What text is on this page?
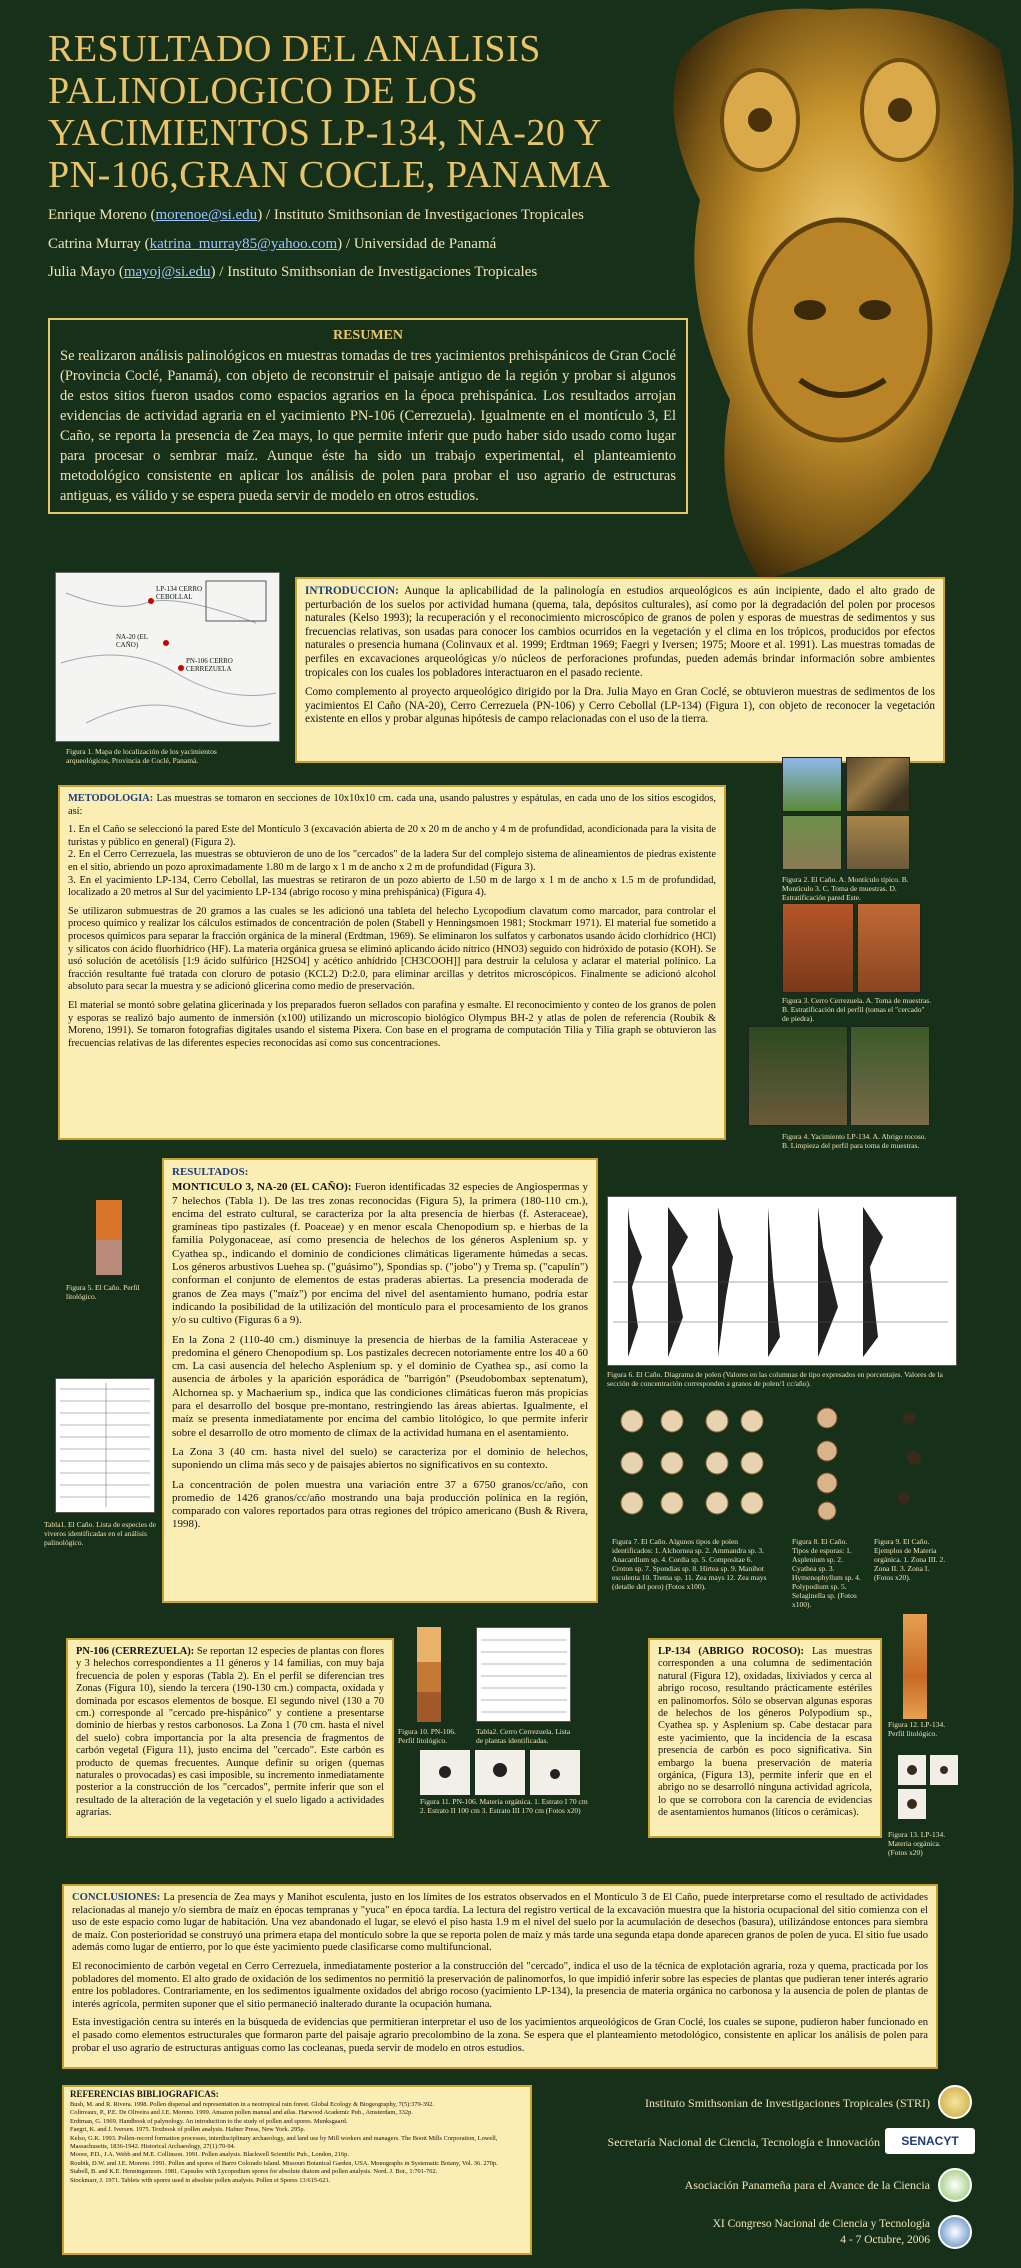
RESULTADO DEL ANALISIS PALINOLOGICO DE LOS YACIMIENTOS LP-134, NA-20 Y PN-106,GRAN COCLE, PANAMA
Enrique Moreno (morenoe@si.edu) / Instituto Smithsonian de Investigaciones Tropicales
Catrina Murray (katrina_murray85@yahoo.com) / Universidad de Panamá
Julia Mayo (mayoj@si.edu) / Instituto Smithsonian de Investigaciones Tropicales
RESUMEN
Se realizaron análisis palinológicos en muestras tomadas de tres yacimientos prehispánicos de Gran Coclé (Provincia Coclé, Panamá), con objeto de reconstruir el paisaje antiguo de la región y probar si algunos de estos sitios fueron usados como espacios agrarios en la época prehispánica. Los resultados arrojan evidencias de actividad agraria en el yacimiento PN-106 (Cerrezuela). Igualmente en el montículo 3, El Caño, se reporta la presencia de Zea mays, lo que permite inferir que pudo haber sido usado como lugar para procesar o sembrar maíz. Aunque éste ha sido un trabajo experimental, el planteamiento metodológico consistente en aplicar los análisis de polen para probar el uso agrario de estructuras antiguas, es válido y se espera pueda servir de modelo en otros estudios.
LP-134 CERRO CEBOLLAL
NA-20 (EL CAÑO)
PN-106 CERRO CERREZUELA
Figura 1. Mapa de localización de los yacimientos arqueológicos, Provincia de Coclé, Panamá.

INTRODUCCION: Aunque la aplicabilidad de la palinología en estudios arqueológicos es aún incipiente, dado el alto grado de perturbación de los suelos por actividad humana (quema, tala, depósitos culturales), así como por la degradación del polen por procesos naturales (Kelso 1993); la recuperación y el reconocimiento microscópico de granos de polen y esporas de muestras de sedimentos y sus frecuencias relativas, son usadas para conocer los cambios ocurridos en la vegetación y el clima en los trópicos, producidos por efectos naturales o presencia humana (Colinvaux et al. 1999; Erdtman 1969; Faegri y Iversen; 1975; Moore et al. 1991). Las muestras tomadas de perfiles en excavaciones arqueológicas y/o núcleos de perforaciones profundas, pueden además brindar información sobre ambientes tropicales con los cuales los pobladores interactuaron en el pasado reciente.

Como complemento al proyecto arqueológico dirigido por la Dra. Julia Mayo en Gran Coclé, se obtuvieron muestras de sedimentos de los yacimientos El Caño (NA-20), Cerro Cerrezuela (PN-106) y Cerro Cebollal (LP-134) (Figura 1), con objeto de reconocer la vegetación existente en ellos y probar algunas hipótesis de campo relacionadas con el uso de la tierra.

METODOLOGIA: Las muestras se tomaron en secciones de 10x10x10 cm. cada una, usando palustres y espátulas, en cada uno de los sitios escogidos, así:

1. En el Caño se seleccionó la pared Este del Montículo 3 (excavación abierta de 20 x 20 m de ancho y 4 m de profundidad, acondicionada para la visita de turistas y público en general) (Figura 2).

2. En el Cerro Cerrezuela, las muestras se obtuvieron de uno de los "cercados" de la ladera Sur del complejo sistema de alineamientos de piedras existente en el sitio, abriendo un pozo aproximadamente 1.80 m de largo x 1 m de ancho x 2 m de profundidad (Figura 3).

3. En el yacimiento LP-134, Cerro Cebollal, las muestras se retiraron de un pozo abierto de 1.50 m de largo x 1 m de ancho x 1.5 m de profundidad, localizado a 20 metros al Sur del yacimiento LP-134 (abrigo rocoso y mina prehispánica) (Figura 4).

Se utilizaron submuestras de 20 gramos a las cuales se les adicionó una tableta del helecho Lycopodium clavatum como marcador, para controlar el proceso químico y realizar los cálculos estimados de concentración de polen (Stabell y Henningsmoen 1981; Stockmarr 1971). El material fue sometido a procesos químicos para separar la fracción orgánica de la mineral (Erdtman, 1969). Se eliminaron los sulfatos y carbonatos usando ácido clorhídrico (HCl) y silicatos con ácido fluorhídrico (HF). La materia orgánica gruesa se eliminó aplicando ácido nítrico (HNO3) seguido con hidróxido de potasio (KOH). Se usó solución de acetólisis [1:9 ácido sulfúrico [H2SO4] y acético anhídrido [CH3COOH]] para destruir la celulosa y aclarar el material polínico. La fracción resultante fué tratada con cloruro de potasio (KCL2) D:2.0, para eliminar arcillas y detritos microscópicos. Finalmente se adicionó alcohol absoluto para secar la muestra y se adicionó glicerina como medio de preservación.

El material se montó sobre gelatina glicerinada y los preparados fueron sellados con parafina y esmalte. El reconocimiento y conteo de los granos de polen y esporas se realizó bajo aumento de inmersión (x100) utilizando un microscopio biológico Olympus BH-2 y atlas de polen de referencia (Roubik & Moreno, 1991). Se tomaron fotografías digitales usando el sistema Pixera. Con base en el programa de computación Tilia y Tilia graph se obtuvieron las frecuencias relativas de las diferentes especies reconocidas así como sus concentraciones.

Figura 2. El Caño. A. Montículo típico. B. Montículo 3. C. Toma de muestras. D. Estratificación pared Este.
Figura 3. Cerro Cerrezuela. A. Toma de muestras. B. Estratificación del perfil (tomas el "cercado" de piedra).
Figura 4. Yacimiento LP-134. A. Abrigo rocoso. B. Limpieza del perfil para toma de muestras.

RESULTADOS:

MONTICULO 3, NA-20 (EL CAÑO): Fueron identificadas 32 especies de Angiospermas y 7 helechos (Tabla 1). De las tres zonas reconocidas (Figura 5), la primera (180-110 cm.), encima del estrato cultural, se caracteriza por la alta presencia de hierbas (f. Asteraceae), gramíneas tipo pastizales (f. Poaceae) y en menor escala Chenopodium sp. e hierbas de la familia Polygonaceae, así como presencia de helechos de los géneros Asplenium sp. y Cyathea sp., indicando el dominio de condiciones climáticas ligeramente húmedas a secas. Los géneros arbustivos Luehea sp. ("guásimo"), Spondias sp. ("jobo") y Trema sp. ("capulín") conforman el conjunto de elementos de estas praderas abiertas. La presencia moderada de granos de Zea mays ("maíz") por encima del nivel del asentamiento humano, podría estar indicando la posibilidad de la utilización del montículo para el procesamiento de los granos y/o su cultivo (Figuras 6 a 9).

En la Zona 2 (110-40 cm.) disminuye la presencia de hierbas de la familia Asteraceae y predomina el género Chenopodium sp. Los pastizales decrecen notoriamente entre los 40 a 60 cm. La casi ausencia del helecho Asplenium sp. y el dominio de Cyathea sp., así como la ausencia de árboles y la aparición esporádica de "barrigón" (Pseudobombax septenatum), Alchornea sp. y Machaerium sp., indica que las condiciones climáticas fueron más propicias para el desarrollo del bosque pre-montano, restringiendo las áreas abiertas. Igualmente, el maíz se presenta inmediatamente por encima del cambio litológico, lo que permite inferir sobre el desarrollo de otro momento de clímax de la actividad humana en el asentamiento.

La Zona 3 (40 cm. hasta nivel del suelo) se caracteriza por el dominio de helechos, suponiendo un clima más seco y de paisajes abiertos no significativos en su contexto.

La concentración de polen muestra una variación entre 37 a 6750 granos/cc/año, con promedio de 1426 granos/cc/año mostrando una baja producción polínica en la región, comparado con valores reportados para otras regiones del trópico americano (Bush & Rivera, 1998).

Figura 5. El Caño. Perfil litológico.
Tabla1. El Caño. Lista de especies de viveros identificadas en el análisis palinológico.
Figura 6. El Caño. Diagrama de polen (Valores en las columnas de tipo expresados en porcentajes. Valores de la sección de concentración corresponden a granos de polen/1 cc/año).
Figura 7. El Caño. Algunos tipos de polen identificados: 1. Alchornea sp. 2. Ammandra sp. 3. Anacardium sp. 4. Cordia sp. 5. Compositae 6. Croton sp. 7. Spondias sp. 8. Hirtea sp. 9. Manihot esculenta 10. Trema sp. 11. Zea mays 12. Zea mays (detalle del poro) (Fotos x100).
Figura 8. El Caño. Tipos de esporas: 1. Asplenium sp. 2. Cyathea sp. 3. Hymenophyllum sp. 4. Polypodium sp. 5. Selaginella sp. (Fotos x100).
Figura 9. El Caño. Ejemplos de Materia orgánica. 1. Zona III. 2. Zona II. 3. Zona I. (Fotos x20).
PN-106 (CERREZUELA): Se reportan 12 especies de plantas con flores y 3 helechos correspondientes a 11 géneros y 14 familias, con muy baja frecuencia de polen y esporas (Tabla 2). En el perfil se diferencian tres Zonas (Figura 10), siendo la tercera (190-130 cm.) compacta, oxidada y dominada por escasos elementos de bosque. El segundo nivel (130 a 70 cm.) corresponde al "cercado pre-hispánico" y contiene a presentarse dominio de hierbas y restos carbonosos. La Zona 1 (70 cm. hasta el nivel del suelo) cobra importancia por la alta presencia de fragmentos de carbón vegetal (Figura 11), justo encima del "cercado". Este carbón es producto de quemas frecuentes. Aunque definir su origen (quemas naturales o provocadas) es casi imposible, su incremento inmediatamente posterior a la construcción de los "cercados", permite inferir que son el resultado de la alteración de la vegetación y el suelo ligado a actividades agrarias.
Figura 10. PN-106. Perfil litológico.
Tabla2. Cerro Cerrezuela. Lista de plantas identificadas.
Figura 11. PN-106. Materia orgánica. 1. Estrato I 70 cm 2. Estrato II 100 cm 3. Estrato III 170 cm (Fotos x20)
LP-134 (ABRIGO ROCOSO): Las muestras corresponden a una columna de sedimentación natural (Figura 12), oxidadas, lixiviados y cerca al abrigo rocoso, resultando prácticamente estériles en palinomorfos. Sólo se observan algunas esporas de helechos de los géneros Polypodium sp., Cyathea sp. y Asplenium sp. Cabe destacar para este yacimiento, que la incidencia de la escasa presencia de carbón es poco significativa. Sin embargo la buena preservación de materia orgánica, (Figura 13), permite inferir que en el abrigo no se desarrolló ninguna actividad agrícola, lo que se corrobora con la carencia de evidencias de asentamientos humanos (líticos o cerámicas).
Figura 12. LP-134. Perfil litológico.
Figura 13. LP-134. Materia orgánica. (Fotos x20)

CONCLUSIONES: La presencia de Zea mays y Manihot esculenta, justo en los límites de los estratos observados en el Montículo 3 de El Caño, puede interpretarse como el resultado de actividades relacionadas al manejo y/o siembra de maíz en épocas tempranas y "yuca" en época tardía. La lectura del registro vertical de la excavación muestra que la historia ocupacional del sitio comienza con el uso de este espacio como lugar de habitación. Una vez abandonado el lugar, se elevó el piso hasta 1.9 m el nivel del suelo por la acumulación de desechos (basura), utilizándose entonces para siembra de maíz. Con posterioridad se construyó una primera etapa del montículo sobre la que se reporta polen de maíz y más tarde una segunda etapa donde aparecen granos de polen de yuca. El sitio fue usado además como lugar de entierro, por lo que éste yacimiento puede clasificarse como multifuncional.

El reconocimiento de carbón vegetal en Cerro Cerrezuela, inmediatamente posterior a la construcción del "cercado", indica el uso de la técnica de explotación agraria, roza y quema, practicada por los pobladores del momento. El alto grado de oxidación de los sedimentos no permitió la preservación de palinomorfos, lo que impidió inferir sobre las especies de plantas que pudieran tener interés agrario entre los pobladores. Contrariamente, en los sedimentos igualmente oxidados del abrigo rocoso (yacimiento LP-134), la presencia de materia orgánica no carbonosa y la ausencia de polen de plantas de interés agrícola, permiten suponer que el sitio permaneció inalterado durante la ocupación humana.

Esta investigación centra su interés en la búsqueda de evidencias que permitieran interpretar el uso de los yacimientos arqueológicos de Gran Coclé, los cuales se supone, pudieron haber funcionado en el pasado como elementos estructurales que formaron parte del paisaje agrario precolombino de la zona. Se espera que el planteamiento metodológico, consistente en aplicar los análisis de polen para probar el uso agrario de estructuras antiguas como las cocleanas, pueda servir de modelo en otros estudios.

REFERENCIAS BIBLIOGRAFICAS:

Bush, M. and R. Rivera. 1998. Pollen dispersal and representation in a neotropical rain forest. Global Ecology & Biogeography, 7(5):379-392.

Colinvaux, P., P.E. De Oliveira and J.E. Moreno. 1999. Amazon pollen manual and atlas. Harwood Academic Pub., Amsterdam, 332p.

Erdtman, G. 1969. Handbook of palynology. An introduction to the study of pollen and spores. Munksgaard.

Faegri, K. and J. Iversen. 1975. Textbook of pollen analysis. Hafner Press, New York. 295p.

Kelso, G.K. 1993. Pollen-record formation processes, interdisciplinary archaeology, and land use by Mill workers and managers. The Boott Mills Corporation, Lowell, Massachusetts, 1836-1942. Historical Archaeology, 27(1):70-94.

Moore, P.D., J.A. Webb and M.E. Collinson. 1991. Pollen analysis. Blackwell Scientific Pub., London, 216p.

Roubik, D.W. and J.E. Moreno. 1991. Pollen and spores of Barro Colorado Island. Missouri Botanical Garden, USA. Monographs in Systematic Botany, Vol. 36. 270p.

Stabell, B. and K.E. Henningsmoen. 1981. Capsules with Lycopodium spores for absolute diatom and pollen analysis. Nord. J. Bot., 1:701-702.

Stockmarr, J. 1971. Tablets with spores used in absolute pollen analysis. Pollen et Spores 13:615-621.

Instituto Smithsonian de Investigaciones Tropicales (STRI)
Secretaría Nacional de Ciencia, Tecnología e Innovación	SENACYT
Asociación Panameña para el Avance de la Ciencia
XI Congreso Nacional de Ciencia y Tecnología
4 - 7 Octubre, 2006
